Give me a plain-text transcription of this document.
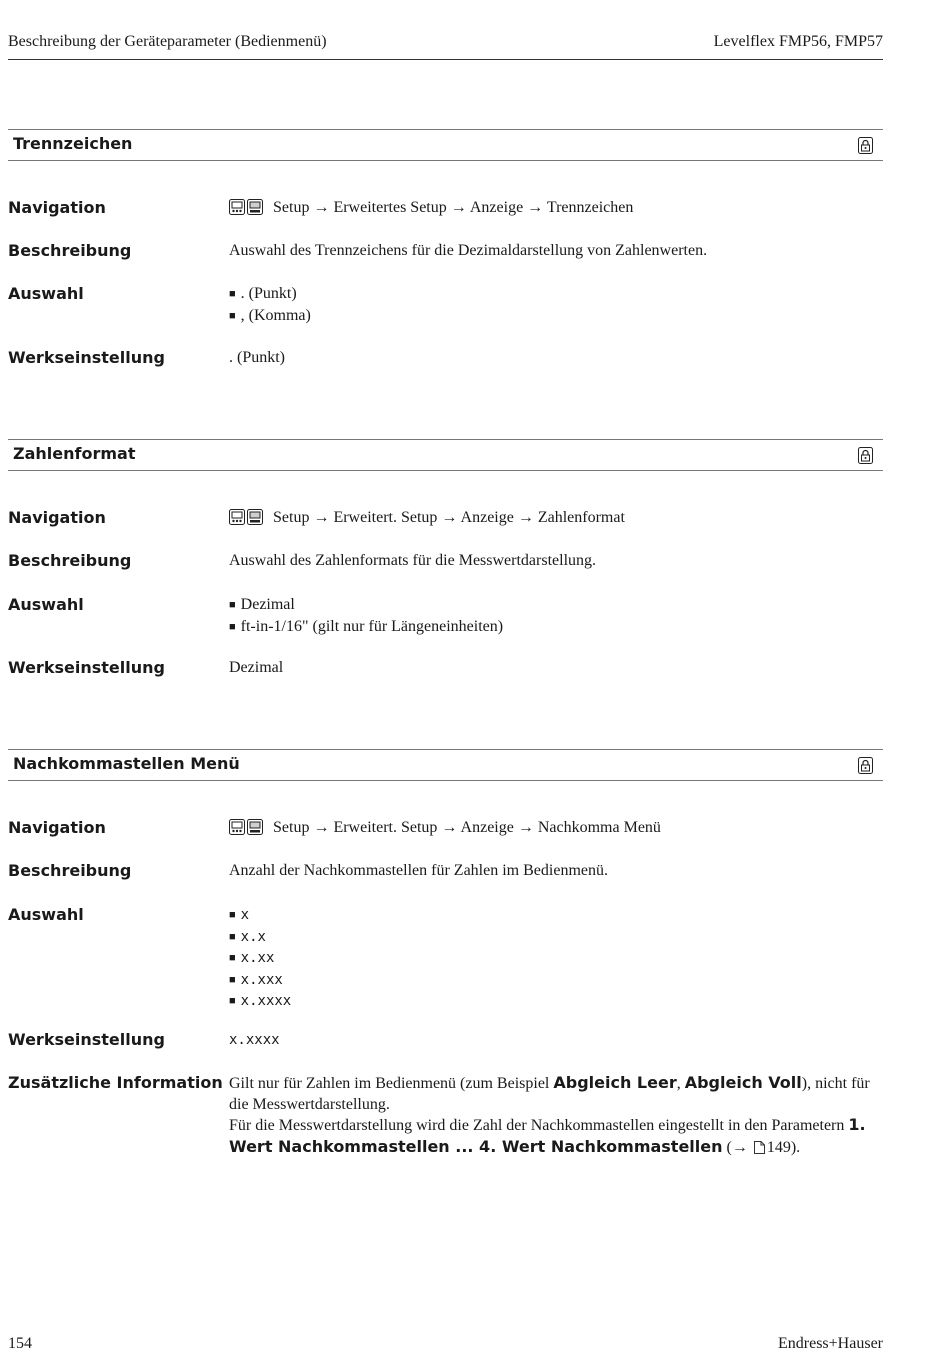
Beschreibung der Geräteparameter (Bedienmenü)	Levelflex FMP56, FMP57
Trennzeichen
Navigation	Setup → Erweitertes Setup → Anzeige → Trennzeichen
Beschreibung	Auswahl des Trennzeichens für die Dezimaldarstellung von Zahlenwerten.
Auswahl	■ . (Punkt)
■ , (Komma)
Werkseinstellung	. (Punkt)
Zahlenformat
Navigation	Setup → Erweitert. Setup → Anzeige → Zahlenformat
Beschreibung	Auswahl des Zahlenformats für die Messwertdarstellung.
Auswahl	■ Dezimal
■ ft-in-1/16" (gilt nur für Längeneinheiten)
Werkseinstellung	Dezimal
Nachkommastellen Menü
Navigation	Setup → Erweitert. Setup → Anzeige → Nachkomma Menü
Beschreibung	Anzahl der Nachkommastellen für Zahlen im Bedienmenü.
Auswahl	■ x
■ x.x
■ x.xx
■ x.xxx
■ x.xxxx
Werkseinstellung	x.xxxx
Zusätzliche Information Gilt nur für Zahlen im Bedienmenü (zum Beispiel Abgleich Leer, Abgleich Voll), nicht für die Messwertdarstellung.
Für die Messwertdarstellung wird die Zahl der Nachkommastellen eingestellt in den Parametern 1. Wert Nachkommastellen ... 4. Wert Nachkommastellen (→ 149).
154	Endress+Hauser
